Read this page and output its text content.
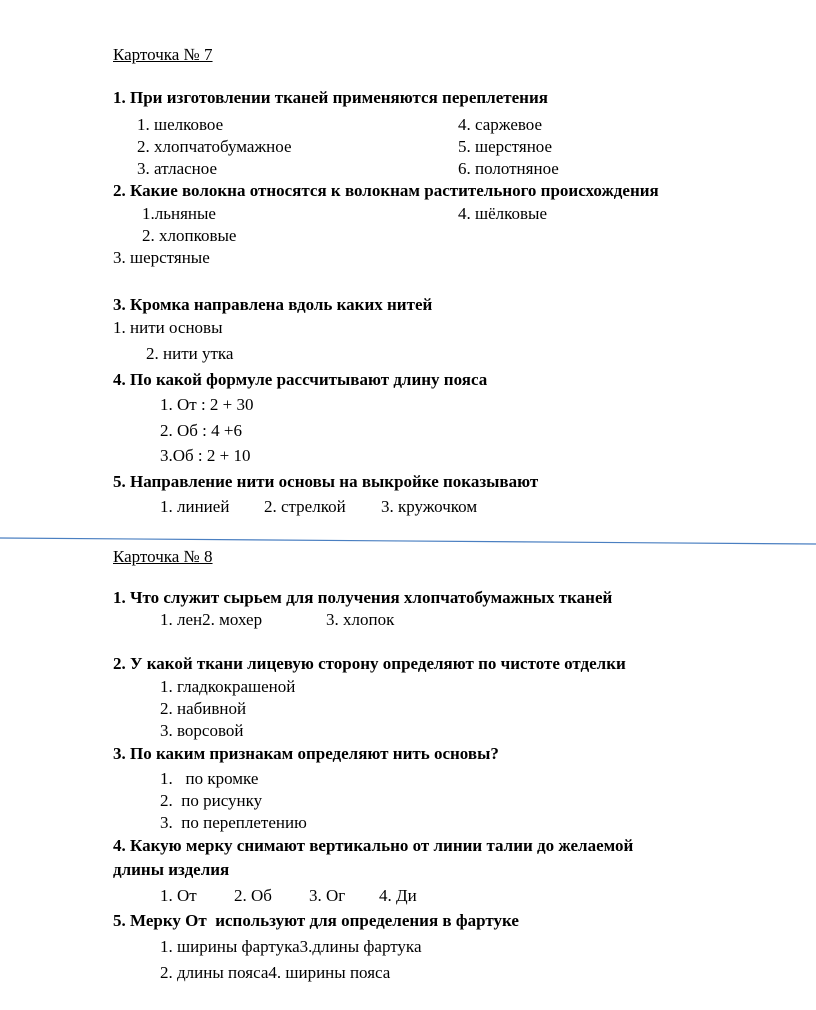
Карточка № 7
1. При изготовлении тканей применяются переплетения
1. шелковое
2. хлопчатобумажное
3. атласное
4. саржевое
5. шерстяное
6. полотняное
2. Какие волокна относятся к волокнам растительного происхождения
1.льняные	4. шёлковые
2. хлопковые
3. шерстяные
3. Кромка направлена вдоль каких нитей
1. нити основы
2. нити утка
4. По какой формуле рассчитывают длину пояса
1. От : 2 + 30
2. Об : 4 +6
3.Об : 2 + 10
5. Направление нити основы на выкройке показывают
1. линией 2. стрелкой 3. кружочком
Карточка № 8
1. Что служит сырьем для получения хлопчатобумажных тканей
1. лен2. мохер	3. хлопок
2. У какой ткани лицевую сторону определяют по чистоте отделки
1. гладкокрашеной
2. набивной
3. ворсовой
3. По каким признакам определяют нить основы?
1.   по кромке
2.  по рисунку
3.  по переплетению
4. Какую мерку снимают вертикально от линии талии до желаемой
длины изделия
1. От 2. Об 3. Ог 4. Ди
5. Мерку От  используют для определения в фартуке
1. ширины фартука3.длины фартука
2. длины пояса4. ширины пояса
